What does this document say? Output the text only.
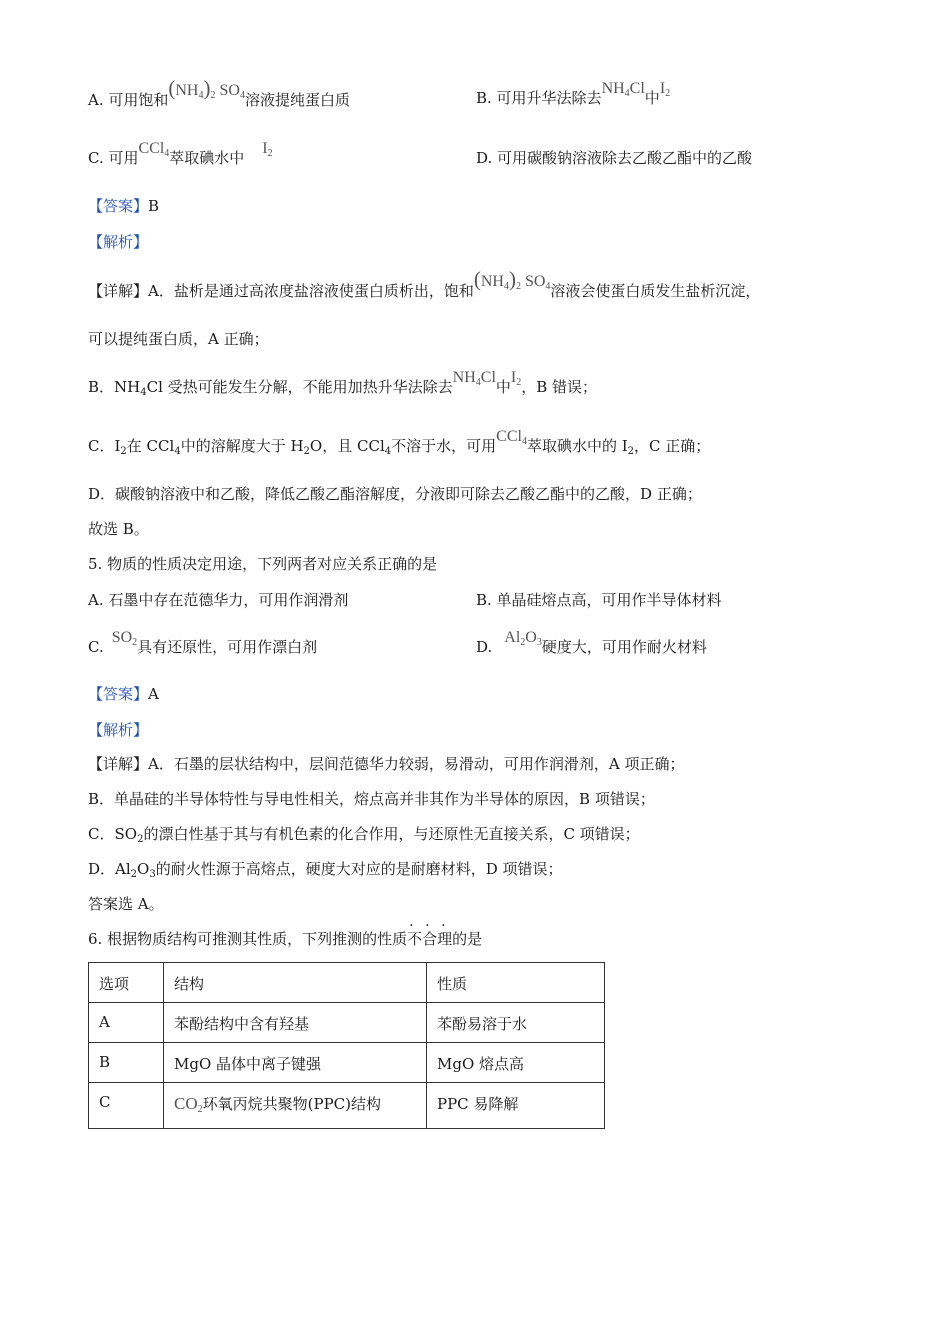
A. 可用饱和$(NH_4)_2$ $SO_4$溶液提纯蛋白质	B. 可用升华法除去$NH_4Cl$中$I_2$
C. 可用CCl$_4$萃取碘水中$I_2$	D. 可用碳酸钠溶液除去乙酸乙酯中的乙酸
【答案】B
【解析】
【详解】A．盐析是通过高浓度盐溶液使蛋白质析出，饱和$(NH_4)_2$ $SO_4$溶液会使蛋白质发生盐析沉淀，
可以提纯蛋白质，A 正确；
B．$NH_4Cl$ 受热可能发生分解，不能用加热升华法除去$NH_4Cl$中$I_2$，B 错误；
C．$I_2$在 CCl$_4$中的溶解度大于 $H_2O$，且 CCl$_4$不溶于水，可用CCl$_4$萃取碘水中的 $I_2$，C 正确；
D．碳酸钠溶液中和乙酸，降低乙酸乙酯溶解度，分液即可除去乙酸乙酯中的乙酸，D 正确；
故选 B。
5. 物质的性质决定用途，下列两者对应关系正确的是
A. 石墨中存在范德华力，可用作润滑剂	B. 单晶硅熔点高，可用作半导体材料
$C.SO_2$具有还原性，可用作漂白剂	$D.Al_2O_3$硬度大，可用作耐火材料
【答案】A
【解析】
【详解】A．石墨的层状结构中，层间范德华力较弱，易滑动，可用作润滑剂，A 项正确；
B．单晶硅的半导体特性与导电性相关，熔点高并非其作为半导体的原因，B 项错误；
C．$SO_2$的漂白性基于其与有机色素的化合作用，与还原性无直接关系，C 项错误；
D．$Al_2O_3$的耐火性源于高熔点，硬度大对应的是耐磨材料，D 项错误；
答案选 A。
6. 根据物质结构可推测其性质，下列推测的性质·  ·  · 不合理的是
选项	结构	性质
A	苯酚结构中含有羟基	苯酚易溶于水
B	MgO 晶体中离子键强	MgO 熔点高
C	$CO_2$环氧丙烷共聚物(PPC)结构	PPC 易降解
